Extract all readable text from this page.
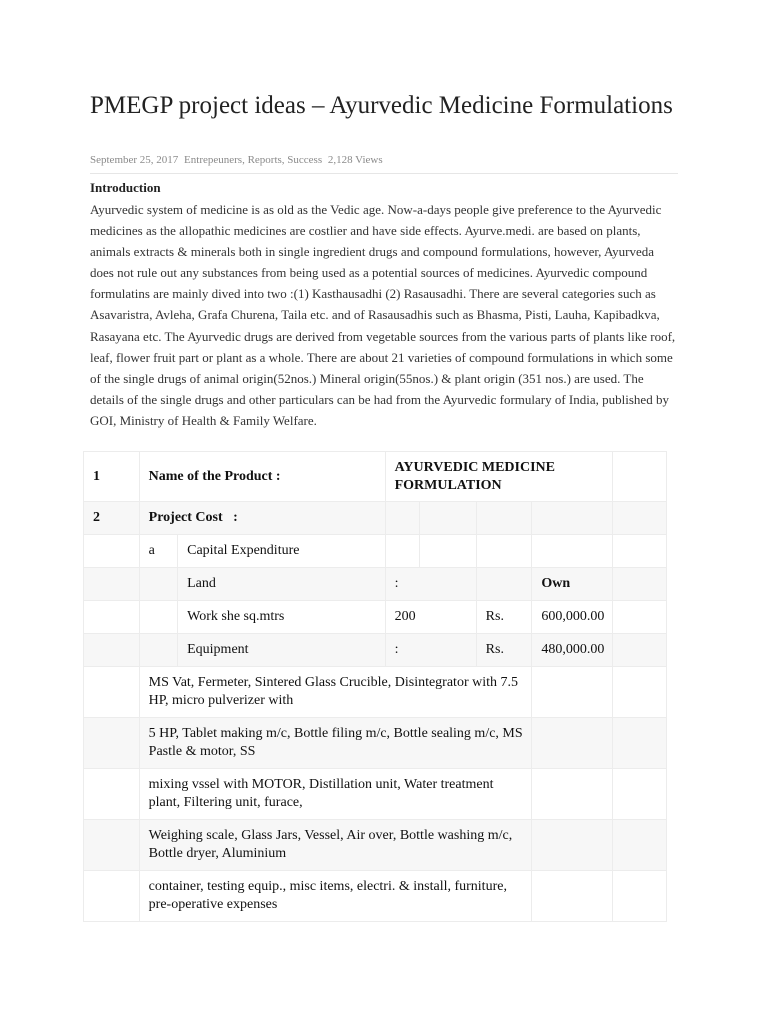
PMEGP project ideas – Ayurvedic Medicine Formulations
September 25, 2017 Entrepeuners, Reports, Success 2,128 Views
Introduction

Ayurvedic system of medicine is as old as the Vedic age. Now-a-days people give preference to the Ayurvedic medicines as the allopathic medicines are costlier and have side effects. Ayurve.medi. are based on plants, animals extracts & minerals both in single ingredient drugs and compound formulations, however, Ayurveda does not rule out any substances from being used as a potential sources of medicines. Ayurvedic compound formulatins are mainly dived into two :(1) Kasthausadhi (2) Rasausadhi. There are several categories such as Asavaristra, Avleha, Grafa Churena, Taila etc. and of Rasausadhis such as Bhasma, Pisti, Lauha, Kapibadkva, Rasayana etc. The Ayurvedic drugs are derived from vegetable sources from the various parts of plants like roof, leaf, flower fruit part or plant as a whole. There are about 21 varieties of compound formulations in which some of the single drugs of animal origin(52nos.) Mineral origin(55nos.) & plant origin (351 nos.) are used. The details of the single drugs and other particulars can be had from the Ayurvedic formulary of India, published by GOI, Ministry of Health & Family Welfare.

1	Name of the Product :		AYURVEDIC MEDICINE FORMULATION				
2	Project Cost :						
	a	Capital Expenditure					
		Land	:			Own	
		Work she sq.mtrs	200		Rs.	600,000.00	
		Equipment	:		Rs.	480,000.00	
	MS Vat, Fermeter, Sintered Glass Crucible, Disintegrator with 7.5 HP, micro pulverizer with						
	5 HP, Tablet making m/c, Bottle filing m/c, Bottle sealing m/c, MS Pastle & motor, SS						
	mixing vssel with MOTOR, Distillation unit, Water treatment plant, Filtering unit, furace,						
	Weighing scale, Glass Jars, Vessel, Air over, Bottle washing m/c, Bottle dryer, Aluminium						
	container, testing equip., misc items, electri. & install, furniture, pre-operative expenses						
